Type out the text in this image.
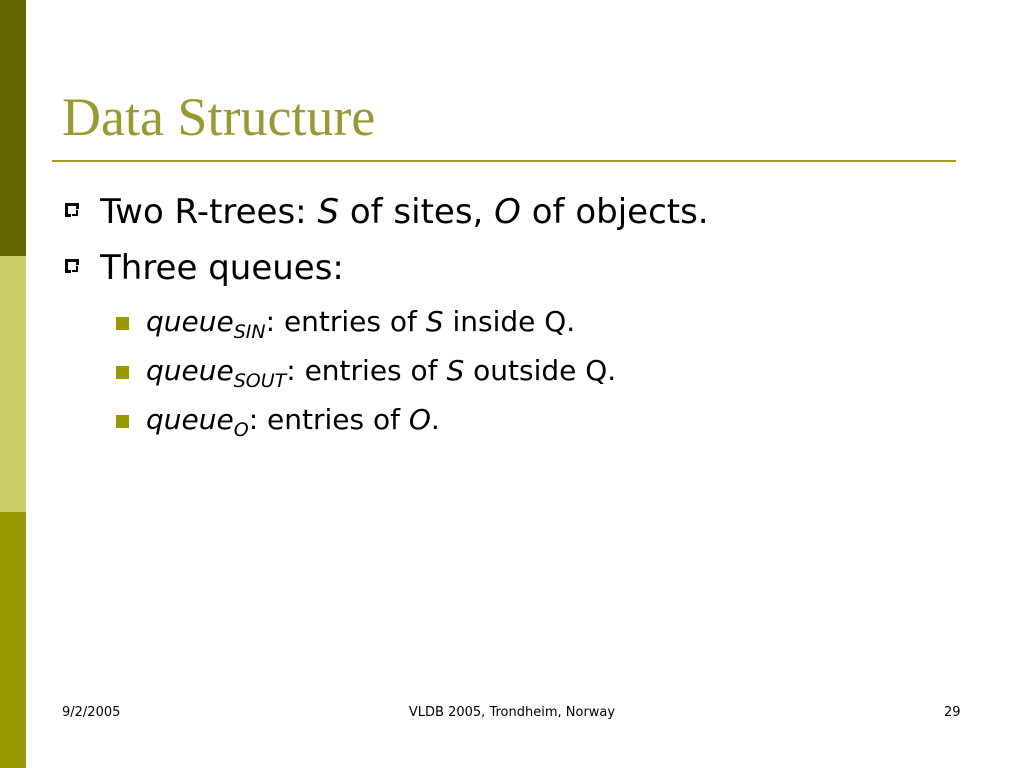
Data Structure
Two R-trees: S of sites, O of objects.
Three queues:
queue$_{SIN}$: entries of S inside Q.
queue$_{SOUT}$: entries of S outside Q.
queue$_O$: entries of O.
9/2/2005	VLDB 2005, Trondheim, Norway	29
